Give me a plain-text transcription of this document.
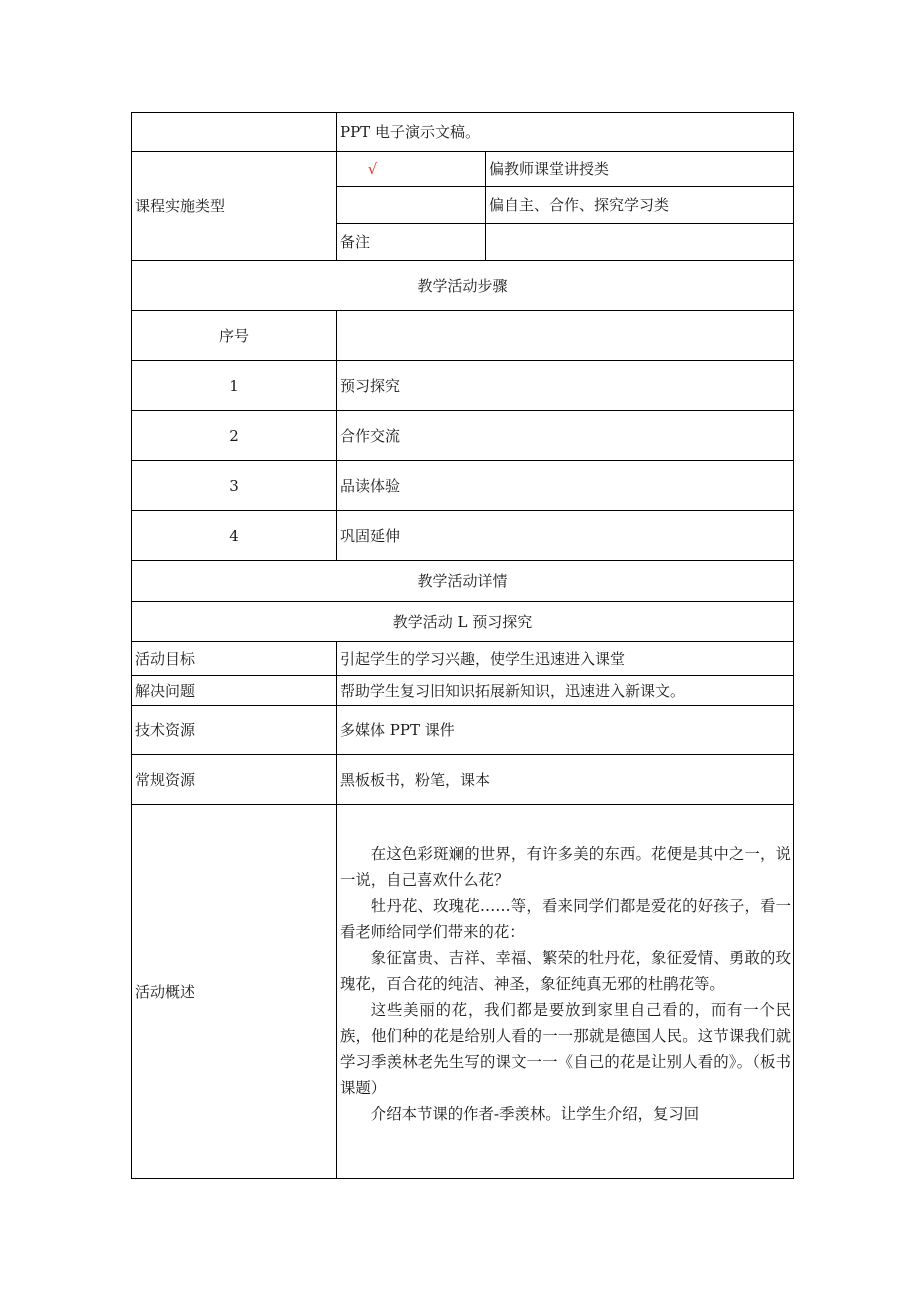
	PPT 电子演示文稿。	
课程实施类型	√	偏教师课堂讲授类
		偏自主、合作、探究学习类
	备注	
教学活动步骤		
序号		
1	预习探究	
2	合作交流	
3	品读体验	
4	巩固延伸	
教学活动详情		
教学活动 L 预习探究		
活动目标	引起学生的学习兴趣，使学生迅速进入课堂	
解决问题	帮助学生复习旧知识拓展新知识，迅速进入新课文。	
技术资源	多媒体 PPT 课件	
常规资源	黑板板书，粉笔，课本	
活动概述	在这色彩斑斓的世界，有许多美的东西。花便是其中之一，说一说，自己喜欢什么花？

牡丹花、玫瑰花……等，看来同学们都是爱花的好孩子，看一看老师给同学们带来的花：

象征富贵、吉祥、幸福、繁荣的牡丹花，象征爱情、勇敢的玫瑰花，百合花的纯洁、神圣，象征纯真无邪的杜鹃花等。

这些美丽的花，我们都是要放到家里自己看的，而有一个民族，他们种的花是给别人看的一一那就是德国人民。这节课我们就学习季羡林老先生写的课文一一《自己的花是让别人看的》。（板书课题）

介绍本节课的作者-季羡林。让学生介绍，复习回	
